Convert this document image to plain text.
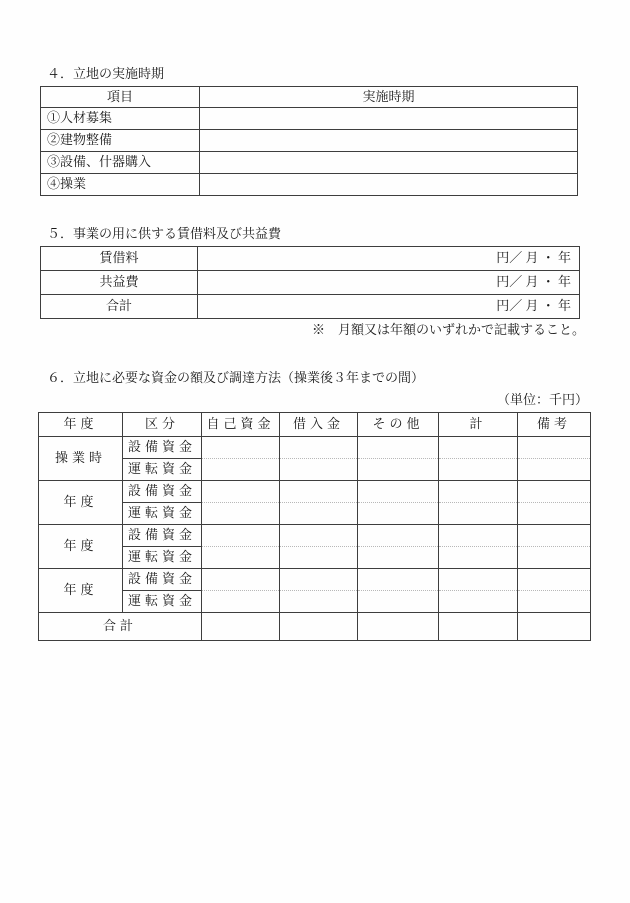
４．立地の実施時期
項目	実施時期
①人材募集	
②建物整備	
③設備、什器購入	
④操業	
５．事業の用に供する賃借料及び共益費
賃借料	円／ 月 ・ 年
共益費	円／ 月 ・ 年
合計	円／ 月 ・ 年
※　月額又は年額のいずれかで記載すること。
６．立地に必要な資金の額及び調達方法（操業後３年までの間）
（単位：千円）
年度	区分	自己資金	借入金	その他	計	備考
操業時	設備資金					
	運転資金					
年度	設備資金					
	運転資金					
年度	設備資金					
	運転資金					
年度	設備資金					
	運転資金					
合計						
